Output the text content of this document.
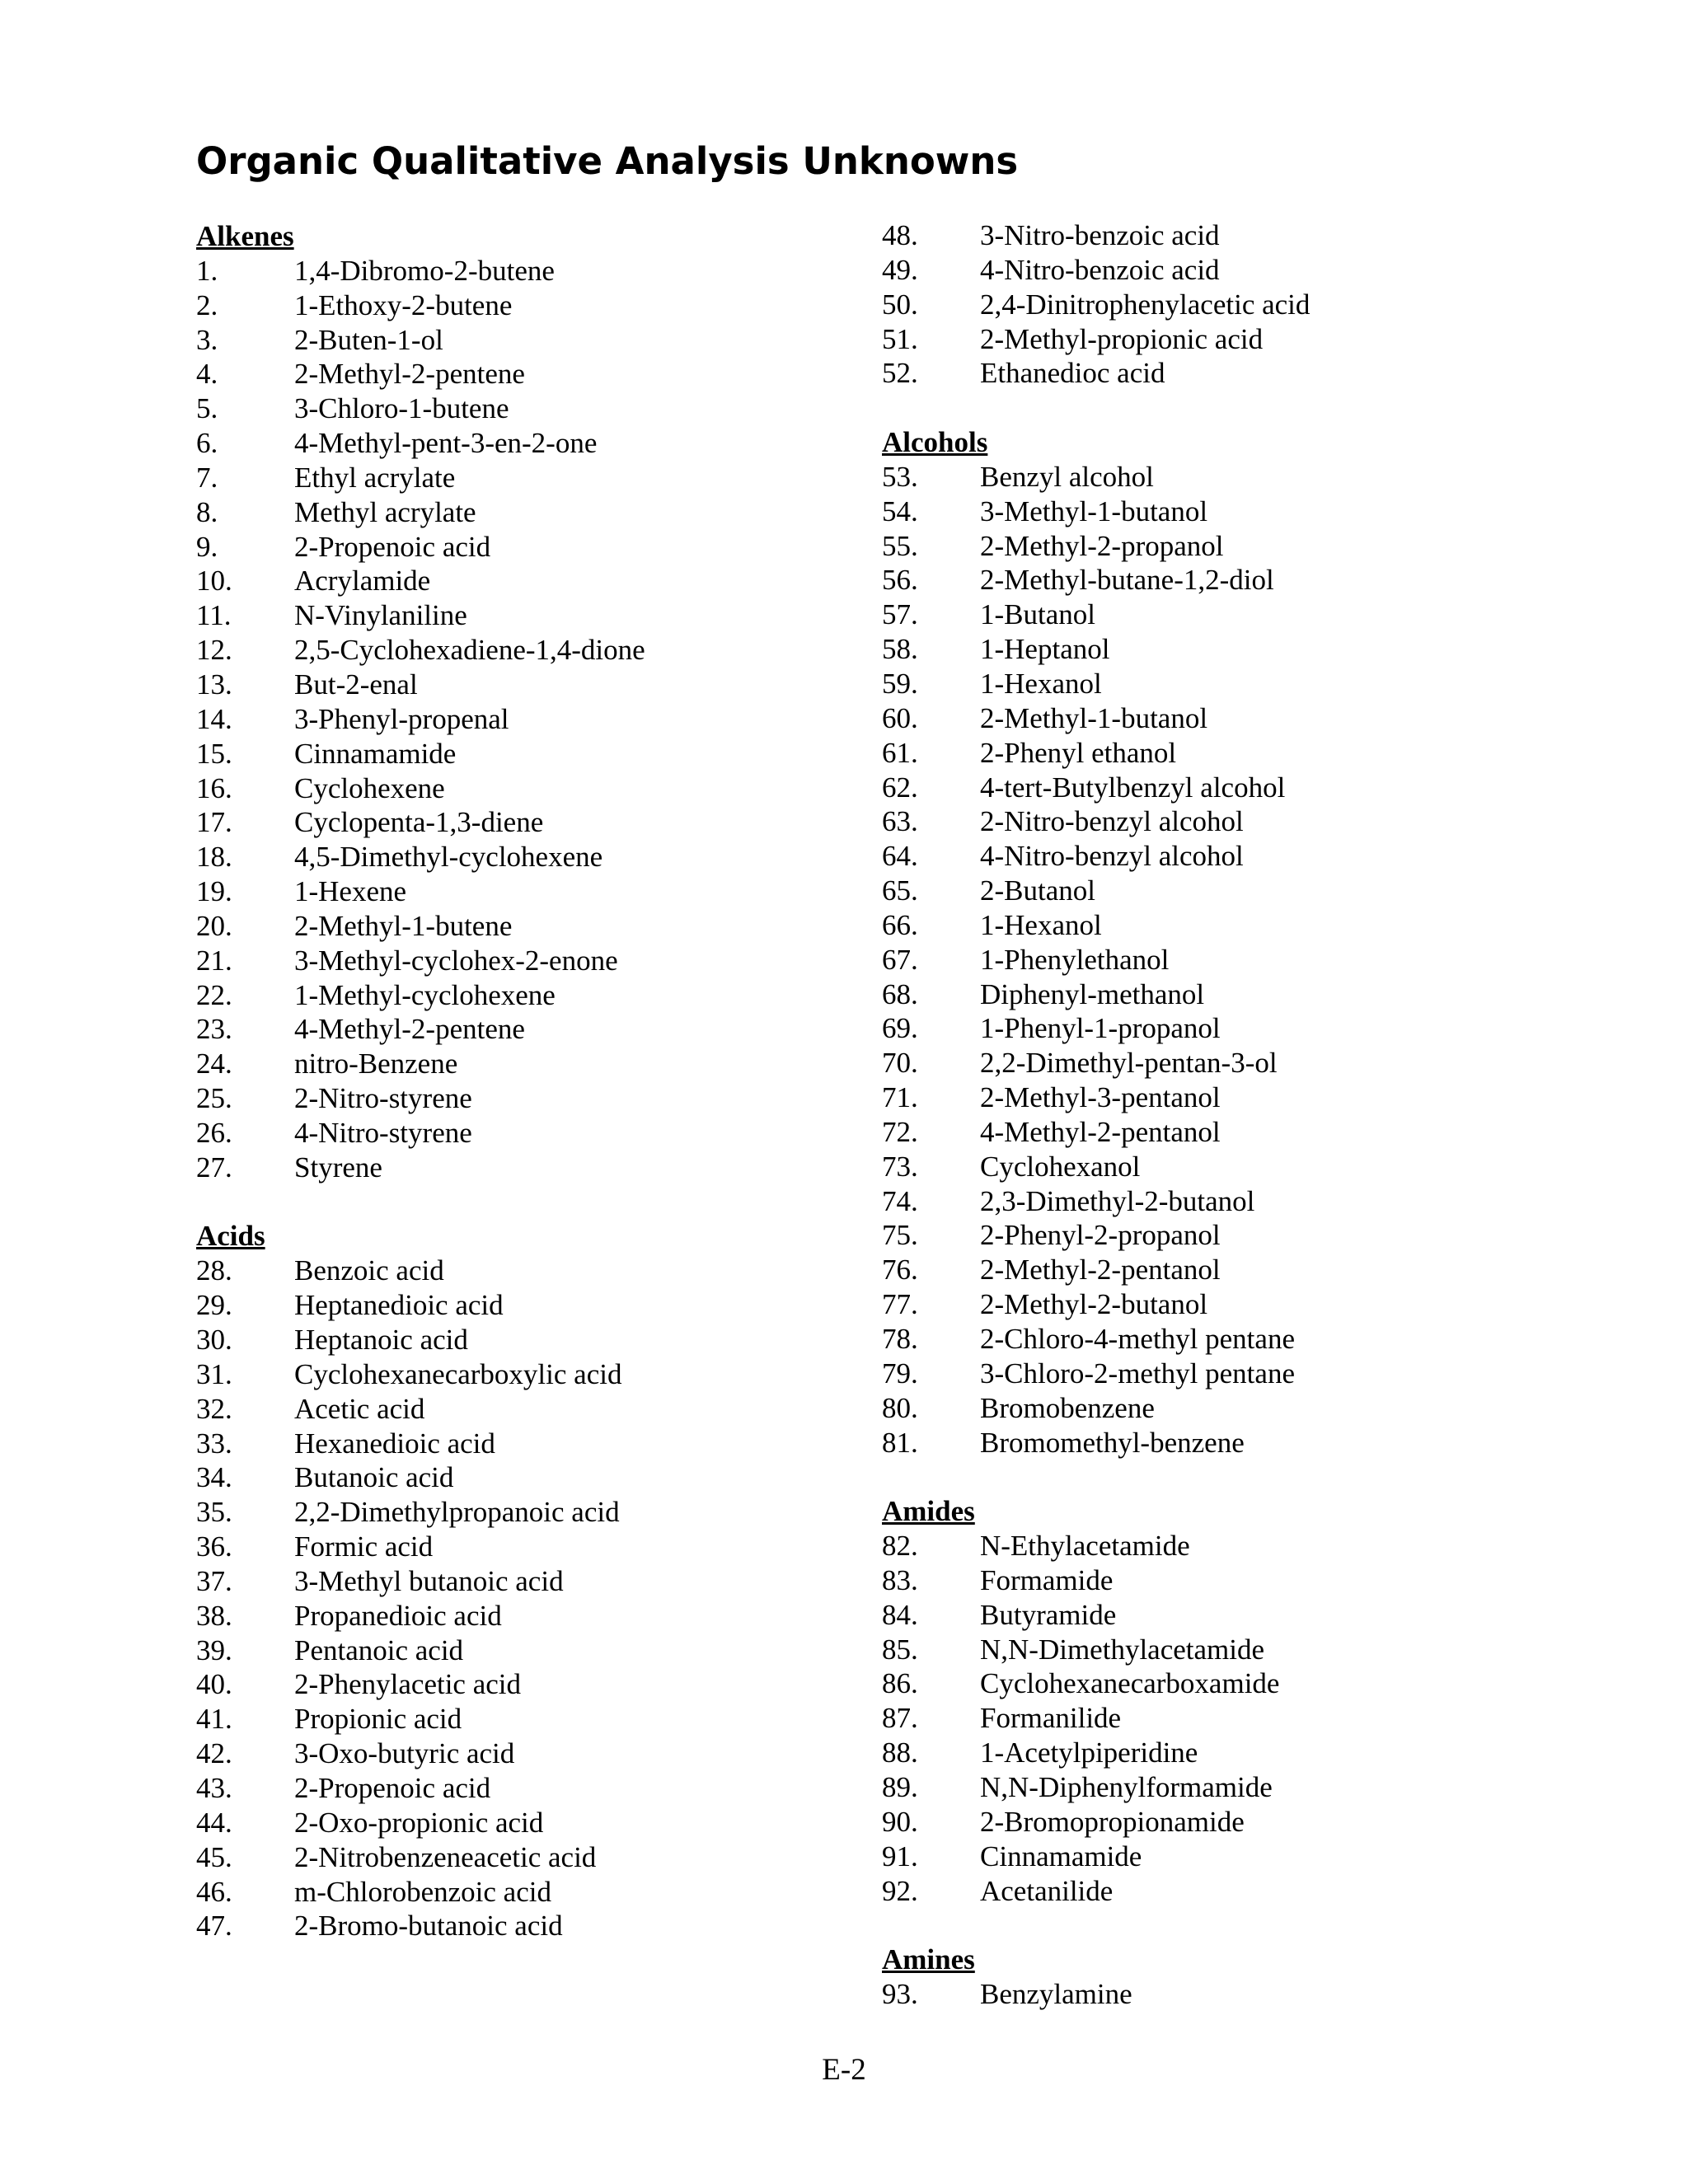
Organic Qualitative Analysis Unknowns
Alkenes
1.	1,4-Dibromo-2-butene
2.	1-Ethoxy-2-butene
3.	2-Buten-1-ol
4.	2-Methyl-2-pentene
5.	3-Chloro-1-butene
6.	4-Methyl-pent-3-en-2-one
7.	Ethyl acrylate
8.	Methyl acrylate
9.	2-Propenoic acid
10.	Acrylamide
11.	N-Vinylaniline
12.	2,5-Cyclohexadiene-1,4-dione
13.	But-2-enal
14.	3-Phenyl-propenal
15.	Cinnamamide
16.	Cyclohexene
17.	Cyclopenta-1,3-diene
18.	4,5-Dimethyl-cyclohexene
19.	1-Hexene
20.	2-Methyl-1-butene
21.	3-Methyl-cyclohex-2-enone
22.	1-Methyl-cyclohexene
23.	4-Methyl-2-pentene
24.	nitro-Benzene
25.	2-Nitro-styrene
26.	4-Nitro-styrene
27.	Styrene
Acids
28.	Benzoic acid
29.	Heptanedioic acid
30.	Heptanoic acid
31.	Cyclohexanecarboxylic acid
32.	Acetic acid
33.	Hexanedioic acid
34.	Butanoic acid
35.	2,2-Dimethylpropanoic acid
36.	Formic acid
37.	3-Methyl butanoic acid
38.	Propanedioic acid
39.	Pentanoic acid
40.	2-Phenylacetic acid
41.	Propionic acid
42.	3-Oxo-butyric acid
43.	2-Propenoic acid
44.	2-Oxo-propionic acid
45.	2-Nitrobenzeneacetic acid
46.	m-Chlorobenzoic acid
47.	2-Bromo-butanoic acid
48.	3-Nitro-benzoic acid
49.	4-Nitro-benzoic acid
50.	2,4-Dinitrophenylacetic acid
51.	2-Methyl-propionic acid
52.	Ethanedioc acid
Alcohols
53.	Benzyl alcohol
54.	3-Methyl-1-butanol
55.	2-Methyl-2-propanol
56.	2-Methyl-butane-1,2-diol
57.	1-Butanol
58.	1-Heptanol
59.	1-Hexanol
60.	2-Methyl-1-butanol
61.	2-Phenyl ethanol
62.	4-tert-Butylbenzyl alcohol
63.	2-Nitro-benzyl alcohol
64.	4-Nitro-benzyl alcohol
65.	2-Butanol
66.	1-Hexanol
67.	1-Phenylethanol
68.	Diphenyl-methanol
69.	1-Phenyl-1-propanol
70.	2,2-Dimethyl-pentan-3-ol
71.	2-Methyl-3-pentanol
72.	4-Methyl-2-pentanol
73.	Cyclohexanol
74.	2,3-Dimethyl-2-butanol
75.	2-Phenyl-2-propanol
76.	2-Methyl-2-pentanol
77.	2-Methyl-2-butanol
78.	2-Chloro-4-methyl pentane
79.	3-Chloro-2-methyl pentane
80.	Bromobenzene
81.	Bromomethyl-benzene
Amides
82.	N-Ethylacetamide
83.	Formamide
84.	Butyramide
85.	N,N-Dimethylacetamide
86.	Cyclohexanecarboxamide
87.	Formanilide
88.	1-Acetylpiperidine
89.	N,N-Diphenylformamide
90.	2-Bromopropionamide
91.	Cinnamamide
92.	Acetanilide
Amines
93.	Benzylamine
E-2
